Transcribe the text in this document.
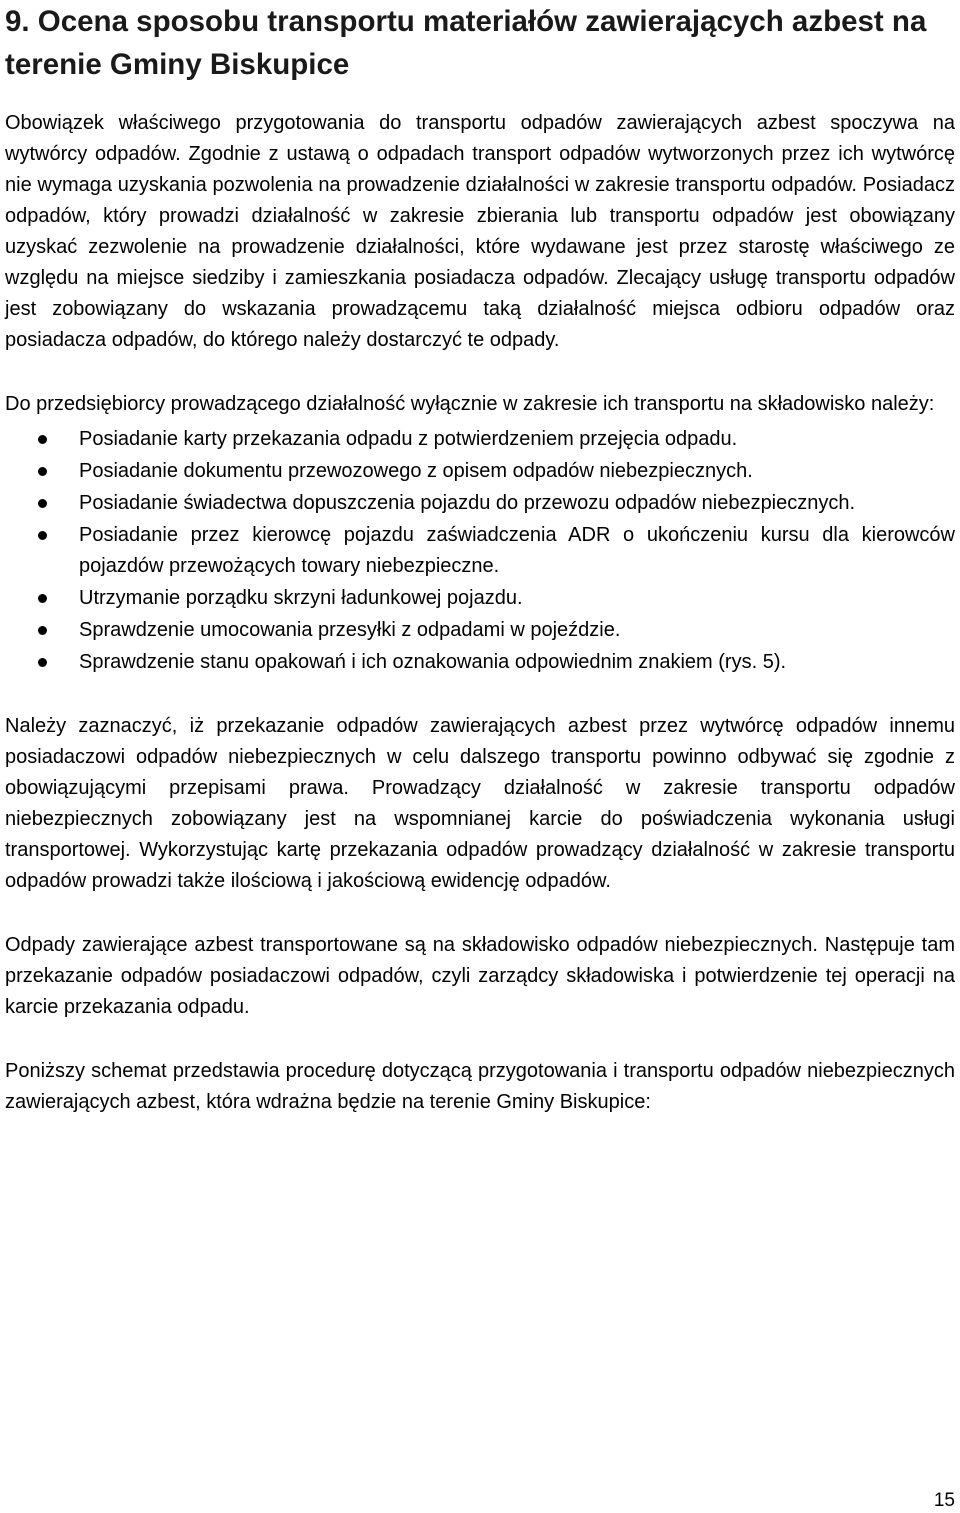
9. Ocena sposobu transportu materiałów zawierających azbest na terenie Gminy Biskupice

Obowiązek właściwego przygotowania do transportu odpadów zawierających azbest spoczywa na wytwórcy odpadów. Zgodnie z ustawą o odpadach transport odpadów wytworzonych przez ich wytwórcę nie wymaga uzyskania pozwolenia na prowadzenie działalności w zakresie transportu odpadów. Posiadacz odpadów, który prowadzi działalność w zakresie zbierania lub transportu odpadów jest obowiązany uzyskać zezwolenie na prowadzenie działalności, które wydawane jest przez starostę właściwego ze względu na miejsce siedziby i zamieszkania posiadacza odpadów. Zlecający usługę transportu odpadów jest zobowiązany do wskazania prowadzącemu taką działalność miejsca odbioru odpadów oraz posiadacza odpadów, do którego należy dostarczyć te odpady.

Do przedsiębiorcy prowadzącego działalność wyłącznie w zakresie ich transportu na składowisko należy:

Posiadanie karty przekazania odpadu z potwierdzeniem przejęcia odpadu.
Posiadanie dokumentu przewozowego z opisem odpadów niebezpiecznych.
Posiadanie świadectwa dopuszczenia pojazdu do przewozu odpadów niebezpiecznych.
Posiadanie przez kierowcę pojazdu zaświadczenia ADR o ukończeniu kursu dla kierowców pojazdów przewożących towary niebezpieczne.
Utrzymanie porządku skrzyni ładunkowej pojazdu.
Sprawdzenie umocowania przesyłki z odpadami w pojeździe.
Sprawdzenie stanu opakowań i ich oznakowania odpowiednim znakiem (rys. 5).

Należy zaznaczyć, iż przekazanie odpadów zawierających azbest przez wytwórcę odpadów innemu posiadaczowi odpadów niebezpiecznych w celu dalszego transportu powinno odbywać się zgodnie z obowiązującymi przepisami prawa. Prowadzący działalność w zakresie transportu odpadów niebezpiecznych zobowiązany jest na wspomnianej karcie do poświadczenia wykonania usługi transportowej. Wykorzystując kartę przekazania odpadów prowadzący działalność w zakresie transportu odpadów prowadzi także ilościową i jakościową ewidencję odpadów.

Odpady zawierające azbest transportowane są na składowisko odpadów niebezpiecznych. Następuje tam przekazanie odpadów posiadaczowi odpadów, czyli zarządcy składowiska i potwierdzenie tej operacji na karcie przekazania odpadu.

Poniższy schemat przedstawia procedurę dotyczącą przygotowania i transportu odpadów niebezpiecznych zawierających azbest, która wdrażna będzie na terenie Gminy Biskupice:

15
